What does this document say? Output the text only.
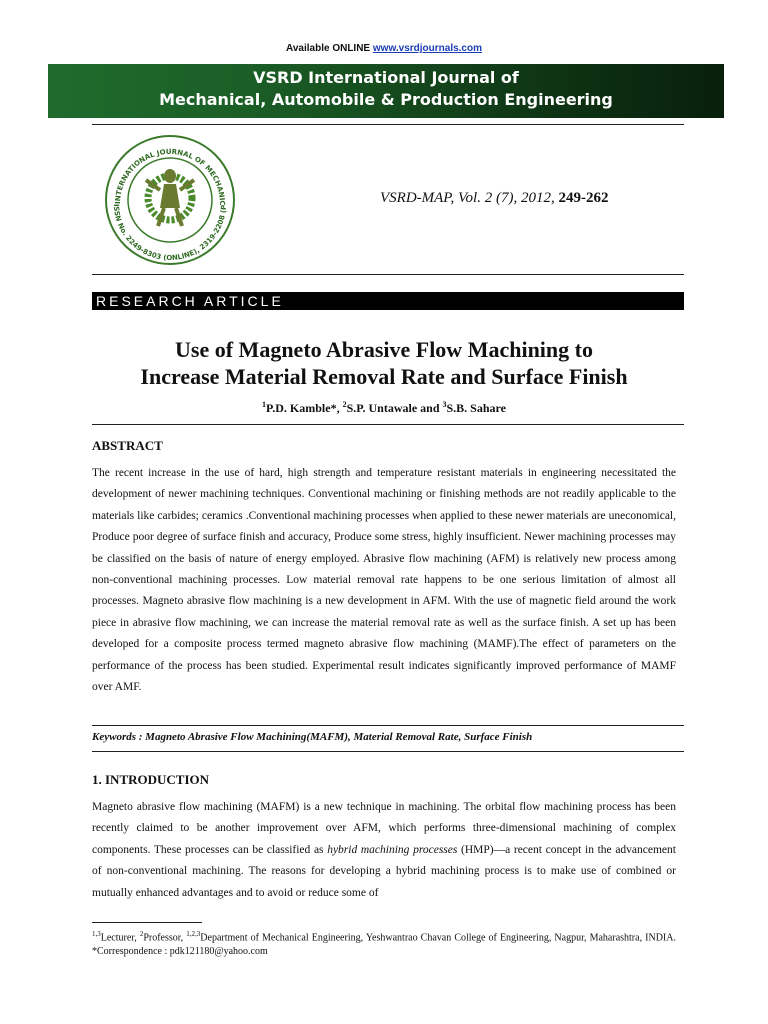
Available ONLINE www.vsrdjournals.com
VSRD International Journal of
Mechanical, Automobile & Production Engineering
INTERNATIONAL JOURNAL OF MECHANIC
ISSN No. 2249-8303 (ONLINE), 2319-2208 (P
VSRD-MAP, Vol. 2 (7), 2012, 249-262
RESEARCH ARTICLE
Use of Magneto Abrasive Flow Machining to
Increase Material Removal Rate and Surface Finish
$^1$P.D. Kamble*, $^2$S.P. Untawale and $^3$S.B. Sahare
ABSTRACT
The recent increase in the use of hard, high strength and temperature resistant materials in engineering necessitated the development of newer machining techniques. Conventional machining or finishing methods are not readily applicable to the materials like carbides; ceramics .Conventional machining processes when applied to these newer materials are uneconomical, Produce poor degree of surface finish and accuracy, Produce some stress, highly insufficient. Newer machining processes may be classified on the basis of nature of energy employed. Abrasive flow machining (AFM) is relatively new process among non-conventional machining processes. Low material removal rate happens to be one serious limitation of almost all processes. Magneto abrasive flow machining is a new development in AFM. With the use of magnetic field around the work piece in abrasive flow machining, we can increase the material removal rate as well as the surface finish. A set up has been developed for a composite process termed magneto abrasive flow machining (MAMF).The effect of parameters on the performance of the process has been studied. Experimental result indicates significantly improved performance of MAMF over AMF.
Keywords : Magneto Abrasive Flow Machining(MAFM), Material Removal Rate, Surface Finish
1. INTRODUCTION
Magneto abrasive flow machining (MAFM) is a new technique in machining. The orbital flow machining process has been recently claimed to be another improvement over AFM, which performs three-dimensional machining of complex components. These processes can be classified as hybrid machining processes (HMP)—a recent concept in the advancement of non-conventional machining. The reasons for developing a hybrid machining process is to make use of combined or mutually enhanced advantages and to avoid or reduce some of
$^{1,3}$Lecturer, $^2$Professor, $^{1,2,3}$Department of Mechanical Engineering, Yeshwantrao Chavan College of Engineering, Nagpur, Maharashtra, INDIA. *Correspondence : pdk121180@yahoo.com
